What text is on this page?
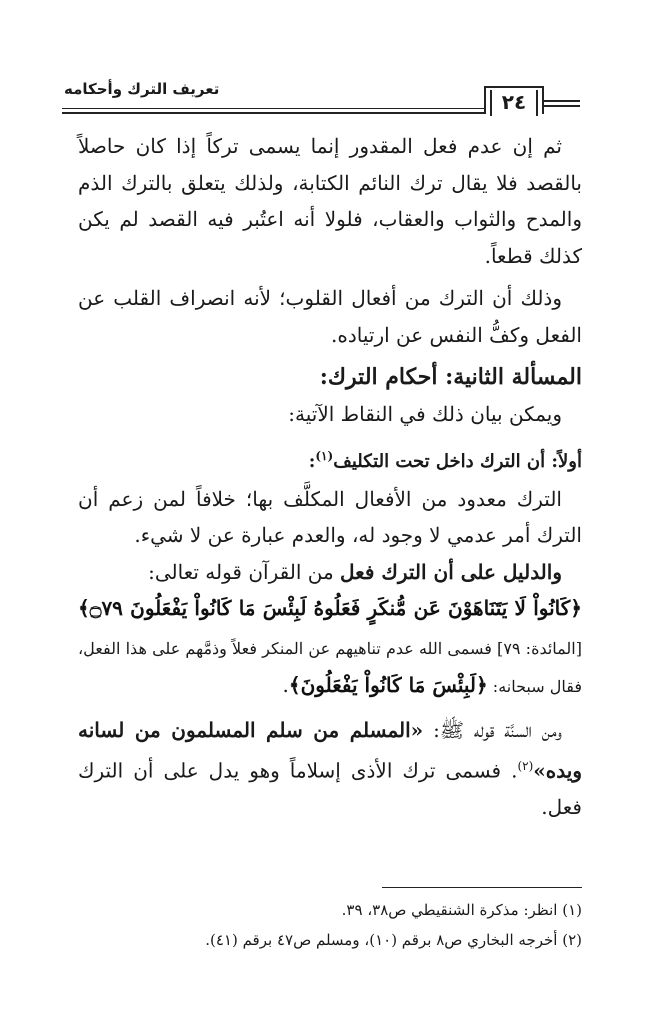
تعريف الترك وأحكامه
٢٤

ثم إن عدم فعل المقدور إنما يسمى تركاً إذا كان حاصلاً بالقصد فلا يقال ترك النائم الكتابة، ولذلك يتعلق بالترك الذم والمدح والثواب والعقاب، فلولا أنه اعتُبر فيه القصد لم يكن كذلك قطعاً.

وذلك أن الترك من أفعال القلوب؛ لأنه انصراف القلب عن الفعل وكفُّ النفس عن ارتياده.

المسألة الثانية: أحكام الترك:

ويمكن بيان ذلك في النقاط الآتية:

أولاً: أن الترك داخل تحت التكليف$^{(١)}$:

الترك معدود من الأفعال المكلَّف بها؛ خلافاً لمن زعم أن الترك أمر عدمي لا وجود له، والعدم عبارة عن لا شيء.

والدليل على أن الترك فعل من القرآن قوله تعالى:

﴿كَانُواْ لَا يَتَنَاهَوْنَ عَن مُّنكَرٍ فَعَلُوهُ لَبِئْسَ مَا كَانُواْ يَفْعَلُونَ ۝٧٩﴾ [المائدة: ٧٩] فسمى الله عدم تناهيهم عن المنكر فعلاً وذمَّهم على هذا الفعل، فقال سبحانه: ﴿لَبِئْسَ مَا كَانُواْ يَفْعَلُونَ﴾.

ومن السنَّة قوله ﷺ: «المسلم من سلم المسلمون من لسانه ويده»$^{(٢)}$. فسمى ترك الأذى إسلاماً وهو يدل على أن الترك فعل.

(١) انظر: مذكرة الشنقيطي ص٣٨، ٣٩.
(٢) أخرجه البخاري ص٨ برقم (١٠)، ومسلم ص٤٧ برقم (٤١).
